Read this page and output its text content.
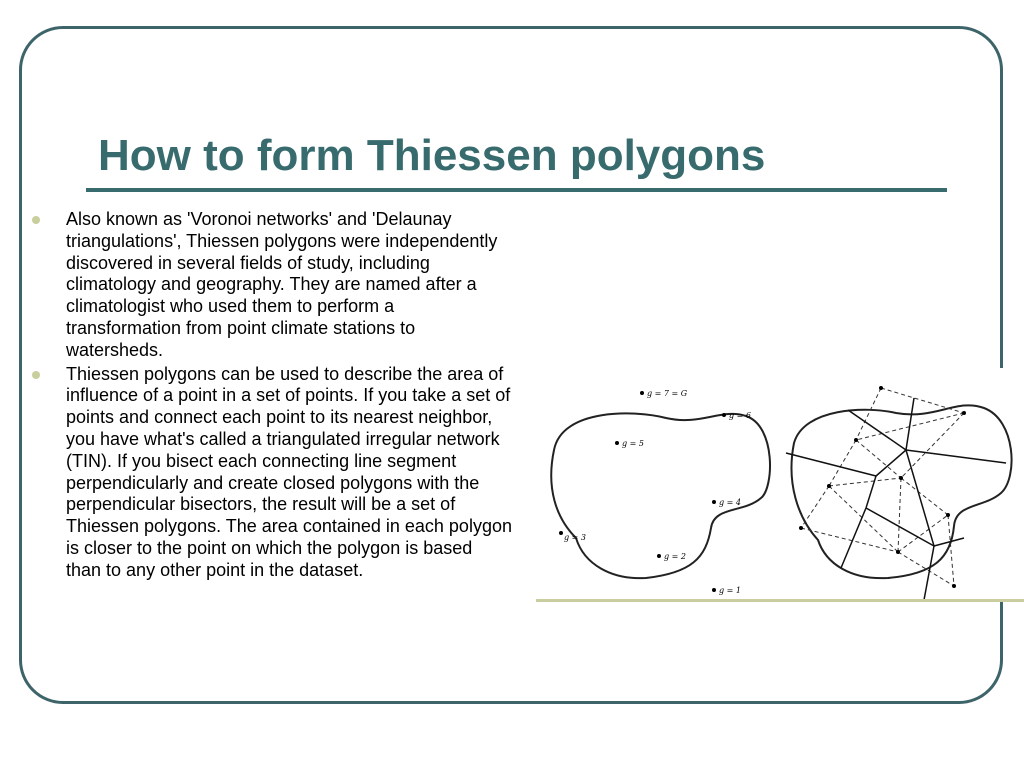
How to form Thiessen polygons
Also known as 'Voronoi networks' and 'Delaunay triangulations', Thiessen polygons were independently discovered in several fields of study, including climatology and geography. They are named after a climatologist who used them to perform a transformation from point climate stations to watersheds.
Thiessen polygons can be used to describe the area of influence of a point in a set of points. If you take a set of points and connect each point to its nearest neighbor, you have what's called a triangulated irregular network (TIN). If you bisect each connecting line segment perpendicularly and create closed polygons with the perpendicular bisectors, the result will be a set of Thiessen polygons. The area contained in each polygon is closer to the point on which the polygon is based than to any other point in the dataset.
g = 7 = G
g = 6
g = 5
g = 4
g = 3
g = 2
g = 1
